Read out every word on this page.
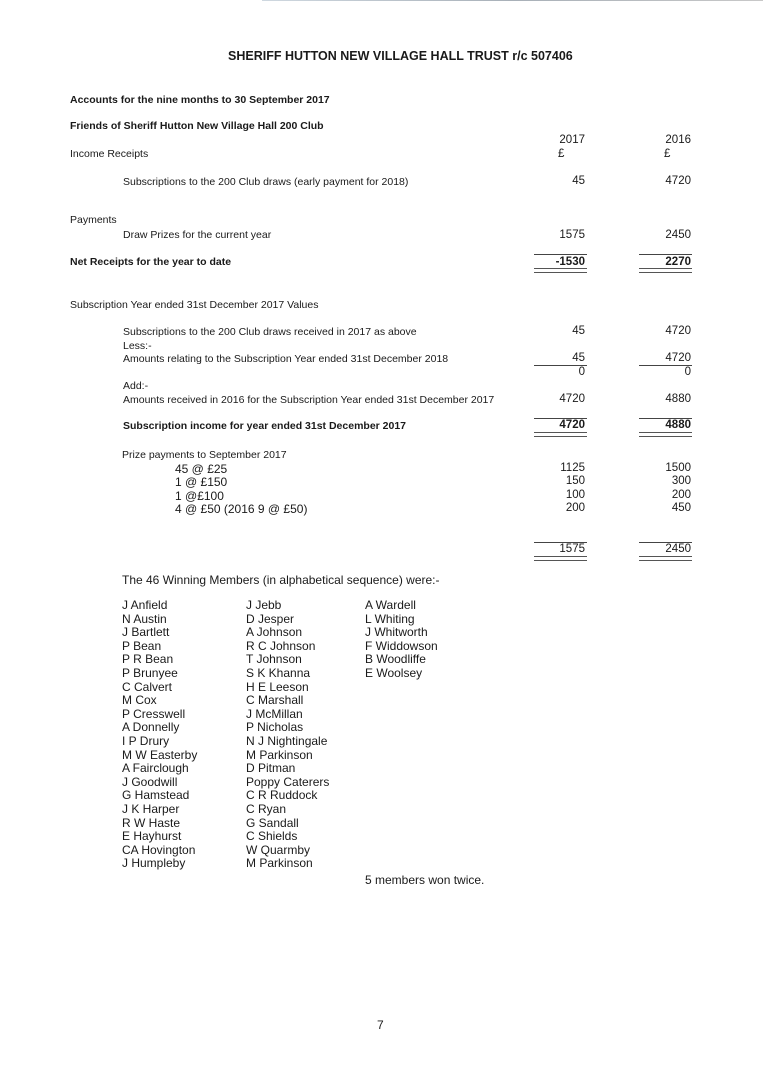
SHERIFF HUTTON NEW VILLAGE HALL TRUST r/c 507406
Accounts for the nine months to 30 September 2017
Friends of Sheriff Hutton New Village Hall 200 Club
2017	2016
£	£
Income Receipts
Subscriptions to the 200 Club draws (early payment for 2018)	45	4720
Payments
Draw Prizes for the current year	1575	2450
Net Receipts for the year to date	-1530	2270
Subscription Year ended 31st December 2017 Values
Subscriptions to the 200 Club draws received in 2017 as above	45	4720
Less:-
Amounts relating to the Subscription Year ended 31st December 2018	45	4720
0	0
Add:-
Amounts received in 2016 for the Subscription Year ended 31st December 2017	4720	4880
Subscription income for year ended 31st December 2017	4720	4880
Prize payments to September 2017
45 @ £25	1125	1500
1 @ £150	150	300
1 @£100	100	200
4 @ £50 (2016 9 @ £50)	200	450
1575	2450
The 46 Winning Members (in alphabetical sequence) were:-
J Anfield
N Austin
J Bartlett
P Bean
P R Bean
P Brunyee
C Calvert
M Cox
P Cresswell
A Donnelly
I P Drury
M W Easterby
A Fairclough
J Goodwill
G Hamstead
J K Harper
R W Haste
E Hayhurst
CA Hovington
J Humpleby
J Jebb
D Jesper
A Johnson
R C Johnson
T Johnson
S K Khanna
H E Leeson
C Marshall
J McMillan
P Nicholas
N J Nightingale
M Parkinson
D Pitman
Poppy Caterers
C R Ruddock
C Ryan
G Sandall
C Shields
W Quarmby
M Parkinson
A Wardell
L Whiting
J Whitworth
F Widdowson
B Woodliffe
E Woolsey
5 members won twice.
7
